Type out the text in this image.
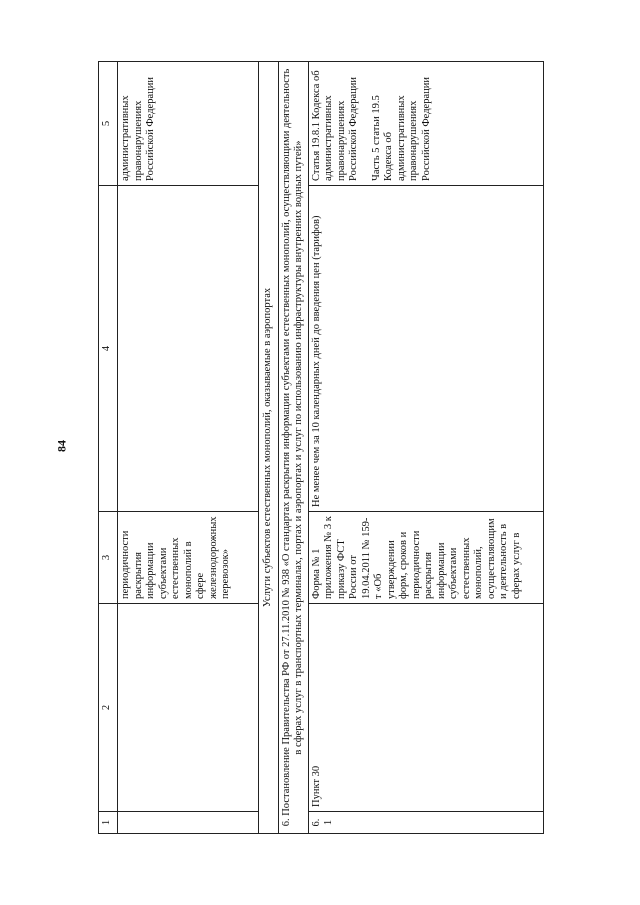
84
1	2	3	4	5
		периодичности раскрытия информации субъектами естественных монополий в сфере железнодорожных перевозок»		административных правонарушениях Российской Федерации
Услуги субъектов естественных монополий, оказываемые в аэропортах				
6. Постановление Правительства РФ от 27.11.2010 № 938 «О стандартах раскрытия информации субъектами естественных монополий, осуществляющими деятельность в сферах услуг в транспортных терминалах, портах и аэропортах и услуг по использованию инфраструктуры внутренних водных путей»				
6.1	Пункт 30	Форма № 1 приложения № 3 к приказу ФСТ России от 19.04.2011 № 159-т «Об утверждении форм, сроков и периодичности раскрытия информации субъектами естественных монополий, осуществляющими деятельность в сферах услуг в	Не менее чем за 10 календарных дней до введения цен (тарифов)	Статья 19.8.1 Кодекса об административных правонарушениях Российской Федерации Часть 5 статьи 19.5 Кодекса об административных правонарушениях Российской Федерации
